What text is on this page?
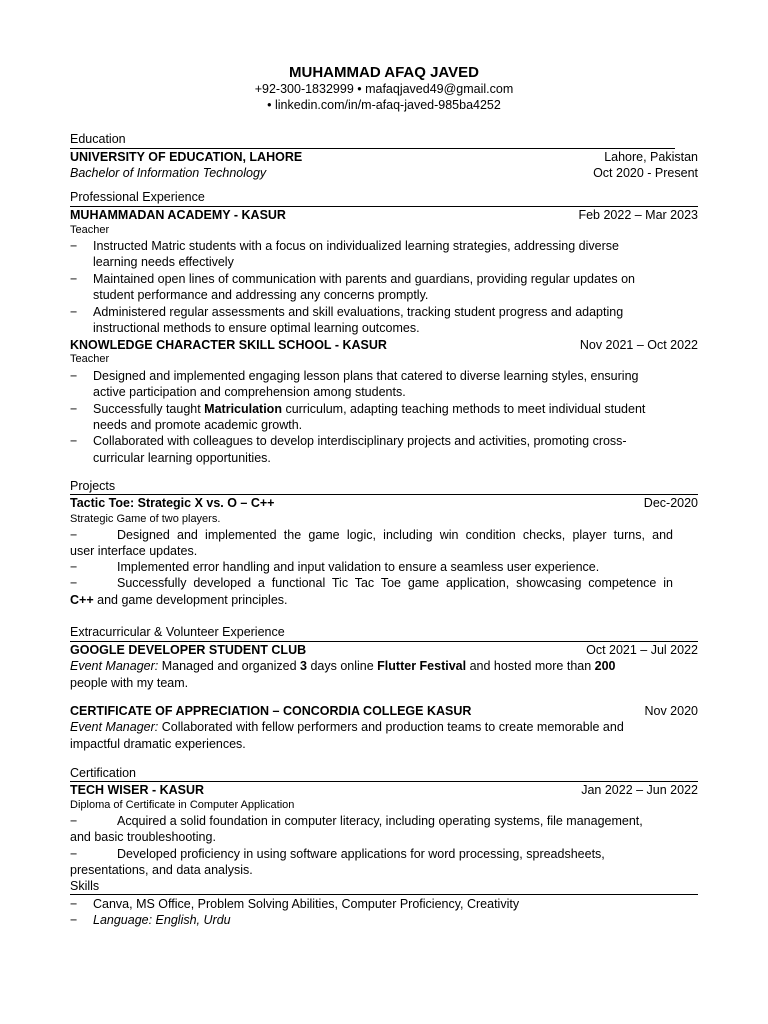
MUHAMMAD AFAQ JAVED
+92-300-1832999 • mafaqjaved49@gmail.com
• linkedin.com/in/m-afaq-javed-985ba4252
Education
UNIVERSITY OF EDUCATION, LAHORE	Lahore, Pakistan
Bachelor of Information Technology	Oct 2020 - Present
Professional Experience
MUHAMMADAN ACADEMY - KASUR	Feb 2022 – Mar 2023
Teacher
− Instructed Matric students with a focus on individualized learning strategies, addressing diverse
learning needs effectively
− Maintained open lines of communication with parents and guardians, providing regular updates on
student performance and addressing any concerns promptly.
− Administered regular assessments and skill evaluations, tracking student progress and adapting
instructional methods to ensure optimal learning outcomes.
KNOWLEDGE CHARACTER SKILL SCHOOL - KASUR	Nov 2021 – Oct 2022
Teacher
− Designed and implemented engaging lesson plans that catered to diverse learning styles, ensuring
active participation and comprehension among students.
− Successfully taught Matriculation curriculum, adapting teaching methods to meet individual student
needs and promote academic growth.
− Collaborated with colleagues to develop interdisciplinary projects and activities, promoting cross-
curricular learning opportunities.
Projects
Tactic Toe: Strategic X vs. O – C++	Dec-2020
Strategic Game of two players.
−	Designed and implemented the game logic, including win condition checks, player turns, and
user interface updates.
−	Implemented error handling and input validation to ensure a seamless user experience.
−	Successfully developed a functional Tic Tac Toe game application, showcasing competence in
C++ and game development principles.
Extracurricular & Volunteer Experience
GOOGLE DEVELOPER STUDENT CLUB	Oct 2021 – Jul 2022
Event Manager: Managed and organized 3 days online Flutter Festival and hosted more than 200
people with my team.
CERTIFICATE OF APPRECIATION – CONCORDIA COLLEGE KASUR	Nov 2020
Event Manager: Collaborated with fellow performers and production teams to create memorable and
impactful dramatic experiences.
Certification
TECH WISER - KASUR	Jan 2022 – Jun 2022
Diploma of Certificate in Computer Application
−	Acquired a solid foundation in computer literacy, including operating systems, file management,
and basic troubleshooting.
−	Developed proficiency in using software applications for word processing, spreadsheets,
presentations, and data analysis.
Skills
− Canva, MS Office, Problem Solving Abilities, Computer Proficiency, Creativity
− Language: English, Urdu
